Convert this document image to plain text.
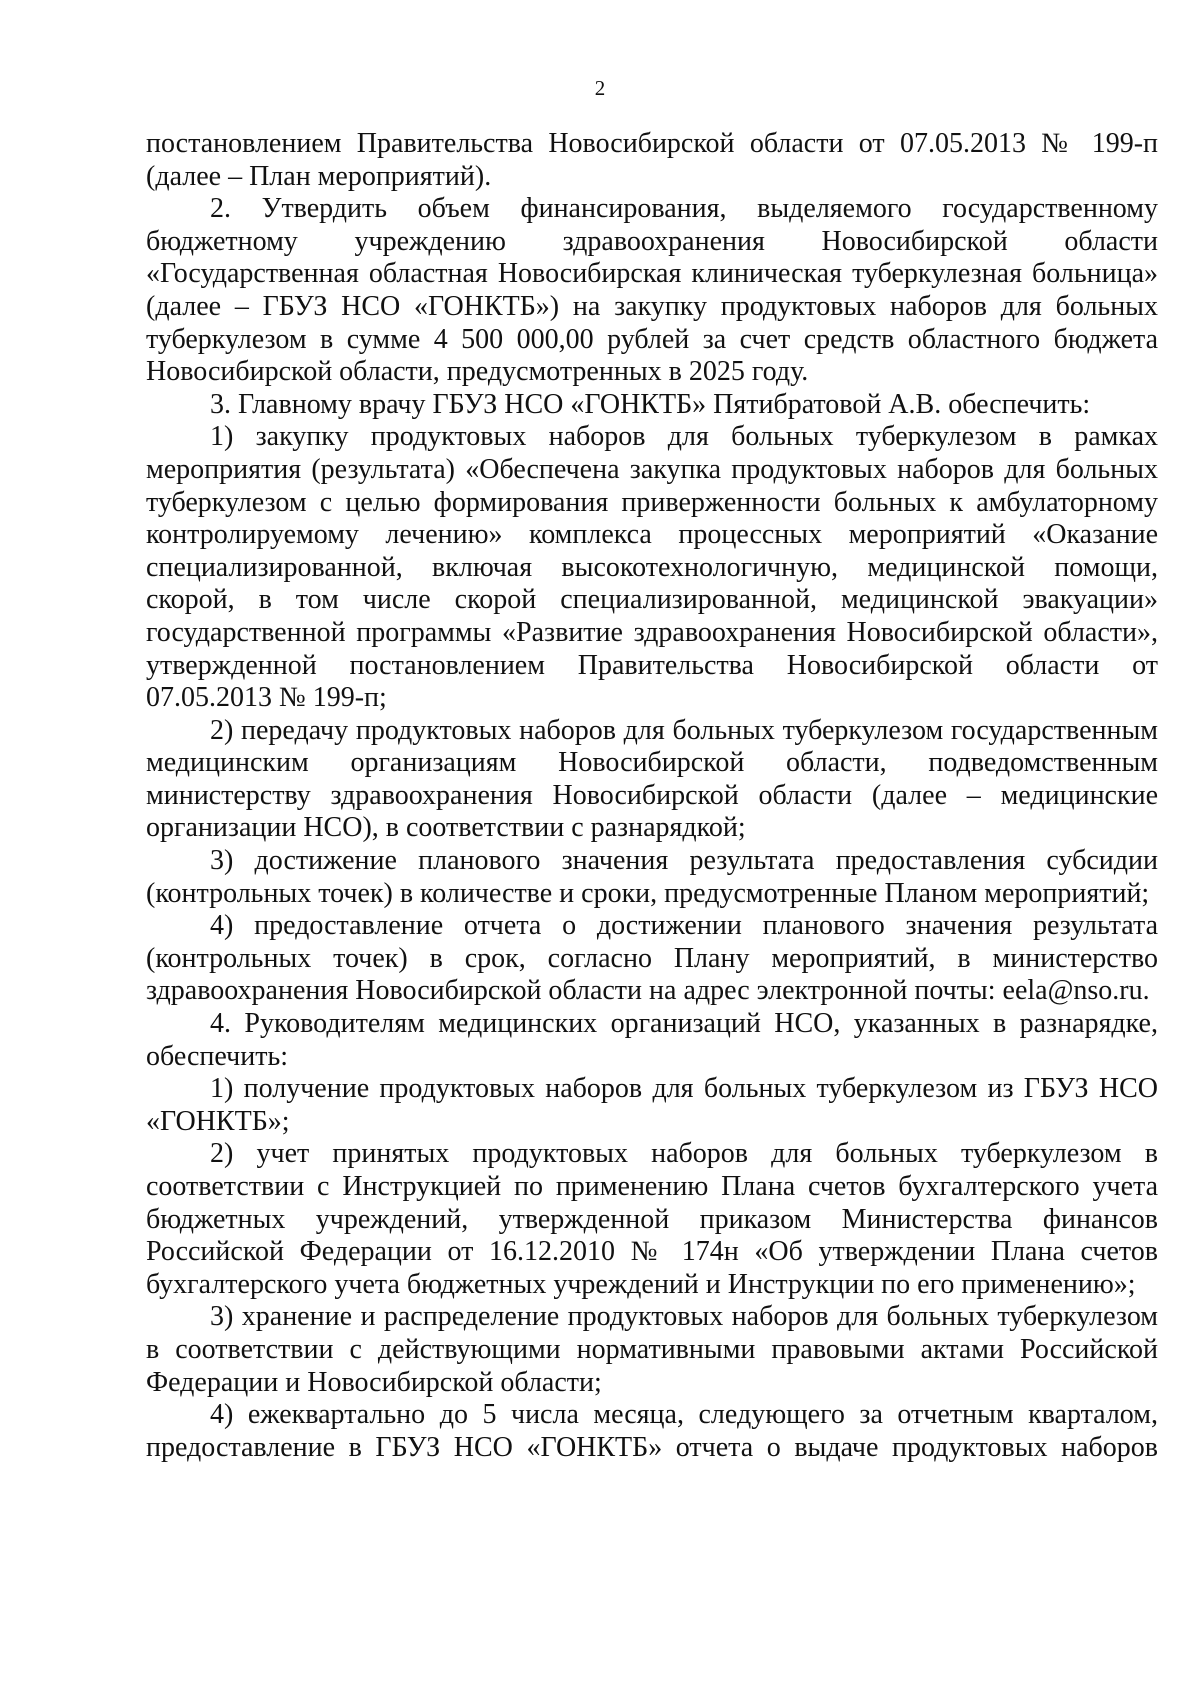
2

постановлением Правительства Новосибирской области от 07.05.2013 № 199-п (далее – План мероприятий).

2. Утвердить объем финансирования, выделяемого государственному бюджетному учреждению здравоохранения Новосибирской области «Государственная областная Новосибирская клиническая туберкулезная больница» (далее – ГБУЗ НСО «ГОНКТБ») на закупку продуктовых наборов для больных туберкулезом в сумме 4 500 000,00 рублей за счет средств областного бюджета Новосибирской области, предусмотренных в 2025 году.

3. Главному врачу ГБУЗ НСО «ГОНКТБ» Пятибратовой А.В. обеспечить:

1) закупку продуктовых наборов для больных туберкулезом в рамках мероприятия (результата) «Обеспечена закупка продуктовых наборов для больных туберкулезом с целью формирования приверженности больных к амбулаторному контролируемому лечению» комплекса процессных мероприятий «Оказание специализированной, включая высокотехнологичную, медицинской помощи, скорой, в том числе скорой специализированной, медицинской эвакуации» государственной программы «Развитие здравоохранения Новосибирской области», утвержденной постановлением Правительства Новосибирской области от 07.05.2013 № 199-п;

2) передачу продуктовых наборов для больных туберкулезом государственным медицинским организациям Новосибирской области, подведомственным министерству здравоохранения Новосибирской области (далее – медицинские организации НСО), в соответствии с разнарядкой;

3) достижение планового значения результата предоставления субсидии (контрольных точек) в количестве и сроки, предусмотренные Планом мероприятий;

4) предоставление отчета о достижении планового значения результата (контрольных точек) в срок, согласно Плану мероприятий, в министерство здравоохранения Новосибирской области на адрес электронной почты: eela@nso.ru.

4. Руководителям медицинских организаций НСО, указанных в разнарядке, обеспечить:

1) получение продуктовых наборов для больных туберкулезом из ГБУЗ НСО «ГОНКТБ»;

2) учет принятых продуктовых наборов для больных туберкулезом в соответствии с Инструкцией по применению Плана счетов бухгалтерского учета бюджетных учреждений, утвержденной приказом Министерства финансов Российской Федерации от 16.12.2010 № 174н «Об утверждении Плана счетов бухгалтерского учета бюджетных учреждений и Инструкции по его применению»;

3) хранение и распределение продуктовых наборов для больных туберкулезом в соответствии с действующими нормативными правовыми актами Российской Федерации и Новосибирской области;

4) ежеквартально до 5 числа месяца, следующего за отчетным кварталом, предоставление в ГБУЗ НСО «ГОНКТБ» отчета о выдаче продуктовых наборов
